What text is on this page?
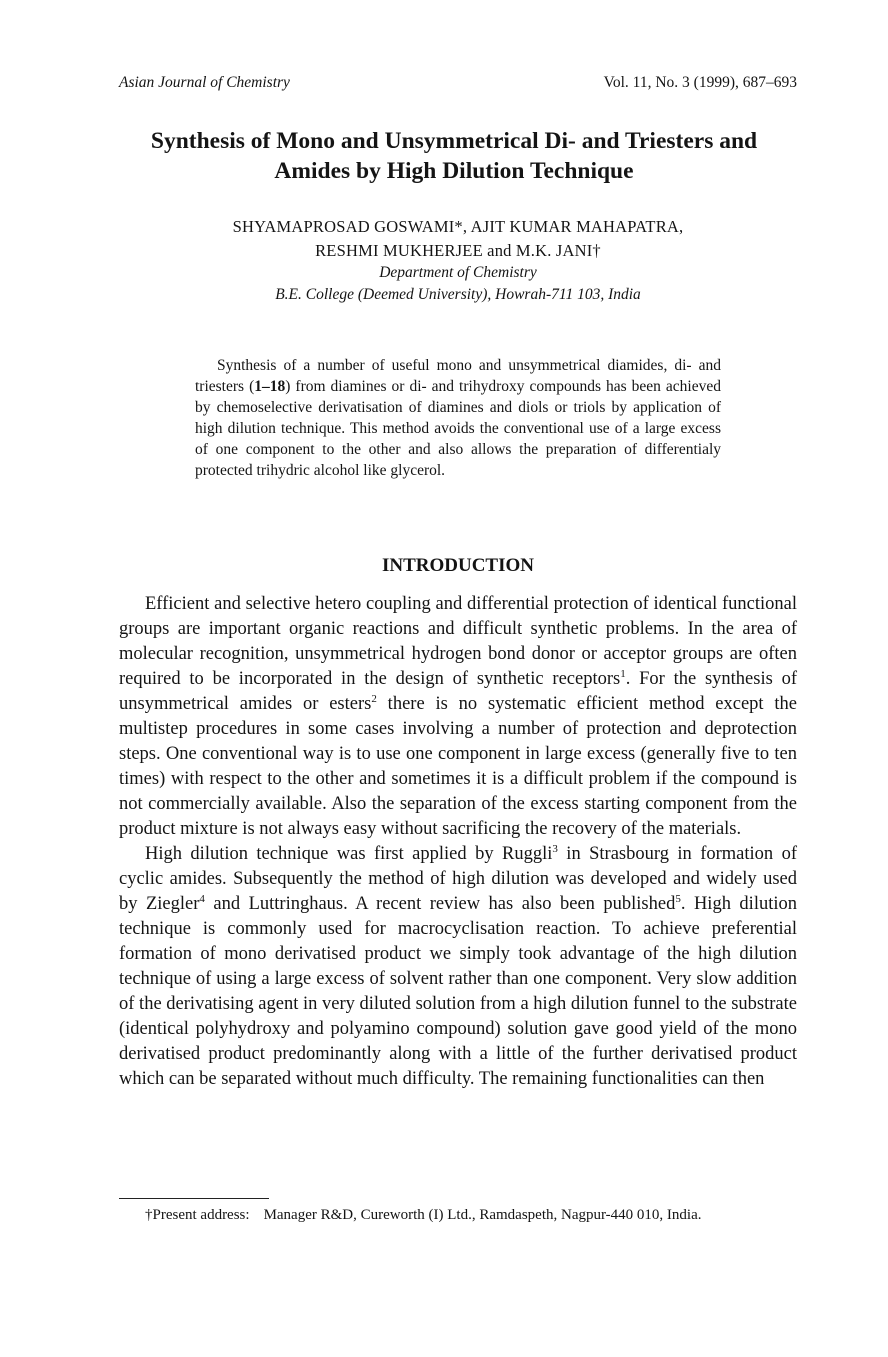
Asian Journal of Chemistry	Vol. 11, No. 3 (1999), 687–693
Synthesis of Mono and Unsymmetrical Di- and Triesters and
Amides by High Dilution Technique
SHYAMAPROSAD GOSWAMI*, AJIT KUMAR MAHAPATRA,
RESHMI MUKHERJEE and M.K. JANI†
Department of Chemistry
B.E. College (Deemed University), Howrah-711 103, India
Synthesis of a number of useful mono and unsymmetrical diamides, di- and triesters (1–18) from diamines or di- and trihydroxy compounds has been achieved by chemoselective derivatisation of diamines and diols or triols by application of high dilution technique. This method avoids the conventional use of a large excess of one component to the other and also allows the preparation of differentialy protected trihydric alcohol like glycerol.
INTRODUCTION

Efficient and selective hetero coupling and differential protection of identical functional groups are important organic reactions and difficult synthetic problems. In the area of molecular recognition, unsymmetrical hydrogen bond donor or acceptor groups are often required to be incorporated in the design of synthetic receptors$^1$. For the synthesis of unsymmetrical amides or esters$^2$ there is no systematic efficient method except the multistep procedures in some cases involving a number of protection and deprotection steps. One conventional way is to use one component in large excess (generally five to ten times) with respect to the other and sometimes it is a difficult problem if the compound is not commercially available. Also the separation of the excess starting component from the product mixture is not always easy without sacrificing the recovery of the materials.

High dilution technique was first applied by Ruggli$^3$ in Strasbourg in formation of cyclic amides. Subsequently the method of high dilution was developed and widely used by Ziegler$^4$ and Luttringhaus. A recent review has also been published$^5$. High dilution technique is commonly used for macrocyclisation reaction. To achieve preferential formation of mono derivatised product we simply took advantage of the high dilution technique of using a large excess of solvent rather than one component. Very slow addition of the derivatising agent in very diluted solution from a high dilution funnel to the substrate (identical polyhydroxy and polyamino compound) solution gave good yield of the mono derivatised product predominantly along with a little of the further derivatised product which can be separated without much difficulty. The remaining functionalities can then

†Present address: Manager R&D, Cureworth (I) Ltd., Ramdaspeth, Nagpur-440 010, India.
